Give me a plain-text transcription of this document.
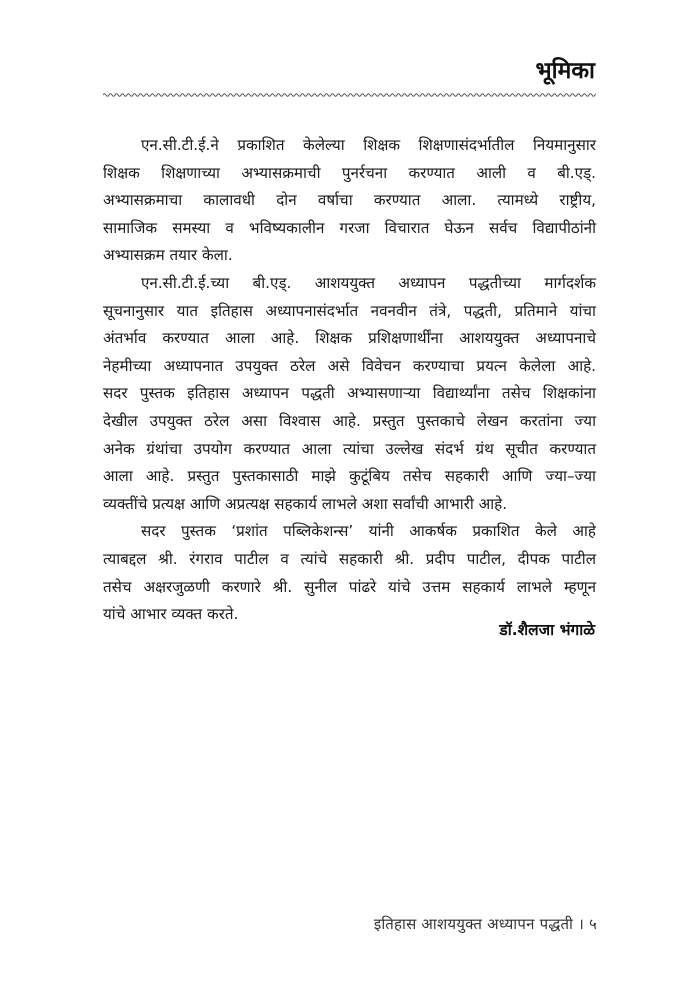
भूमिका
एन.सी.टी.ई.ने प्रकाशित केलेल्या शिक्षक शिक्षणासंदर्भातील नियमानुसार
शिक्षक शिक्षणाच्या अभ्यासक्रमाची पुनर्रचना करण्यात आली व बी.एड्.
अभ्यासक्रमाचा कालावधी दोन वर्षाचा करण्यात आला. त्यामध्ये राष्ट्रीय,
सामाजिक समस्या व भविष्यकालीन गरजा विचारात घेऊन सर्वच विद्यापीठांनी
अभ्यासक्रम तयार केला.
एन.सी.टी.ई.च्या बी.एड्. आशययुक्त अध्यापन पद्धतीच्या मार्गदर्शक
सूचनानुसार यात इतिहास अध्यापनासंदर्भात नवनवीन तंत्रे, पद्धती, प्रतिमाने यांचा
अंतर्भाव करण्यात आला आहे. शिक्षक प्रशिक्षणार्थींना आशययुक्त अध्यापनाचे
नेहमीच्या अध्यापनात उपयुक्त ठरेल असे विवेचन करण्याचा प्रयत्न केलेला आहे.
सदर पुस्तक इतिहास अध्यापन पद्धती अभ्यासणाऱ्या विद्यार्थ्यांना तसेच शिक्षकांना
देखील उपयुक्त ठरेल असा विश्वास आहे. प्रस्तुत पुस्तकाचे लेखन करतांना ज्या
अनेक ग्रंथांचा उपयोग करण्यात आला त्यांचा उल्लेख संदर्भ ग्रंथ सूचीत करण्यात
आला आहे. प्रस्तुत पुस्तकासाठी माझे कुटूंबिय तसेच सहकारी आणि ज्या–ज्या
व्यक्तींचे प्रत्यक्ष आणि अप्रत्यक्ष सहकार्य लाभले अशा सर्वांची आभारी आहे.
सदर पुस्तक ‘प्रशांत पब्लिकेशन्स’ यांनी आकर्षक प्रकाशित केले आहे
त्याबद्दल श्री. रंगराव पाटील व त्यांचे सहकारी श्री. प्रदीप पाटील, दीपक पाटील
तसेच अक्षरजुळणी करणारे श्री. सुनील पांढरे यांचे उत्तम सहकार्य लाभले म्हणून
यांचे आभार व्यक्त करते.
डॉ.शैलजा भंगाळे
इतिहास आशययुक्त अध्यापन पद्धती । ५
